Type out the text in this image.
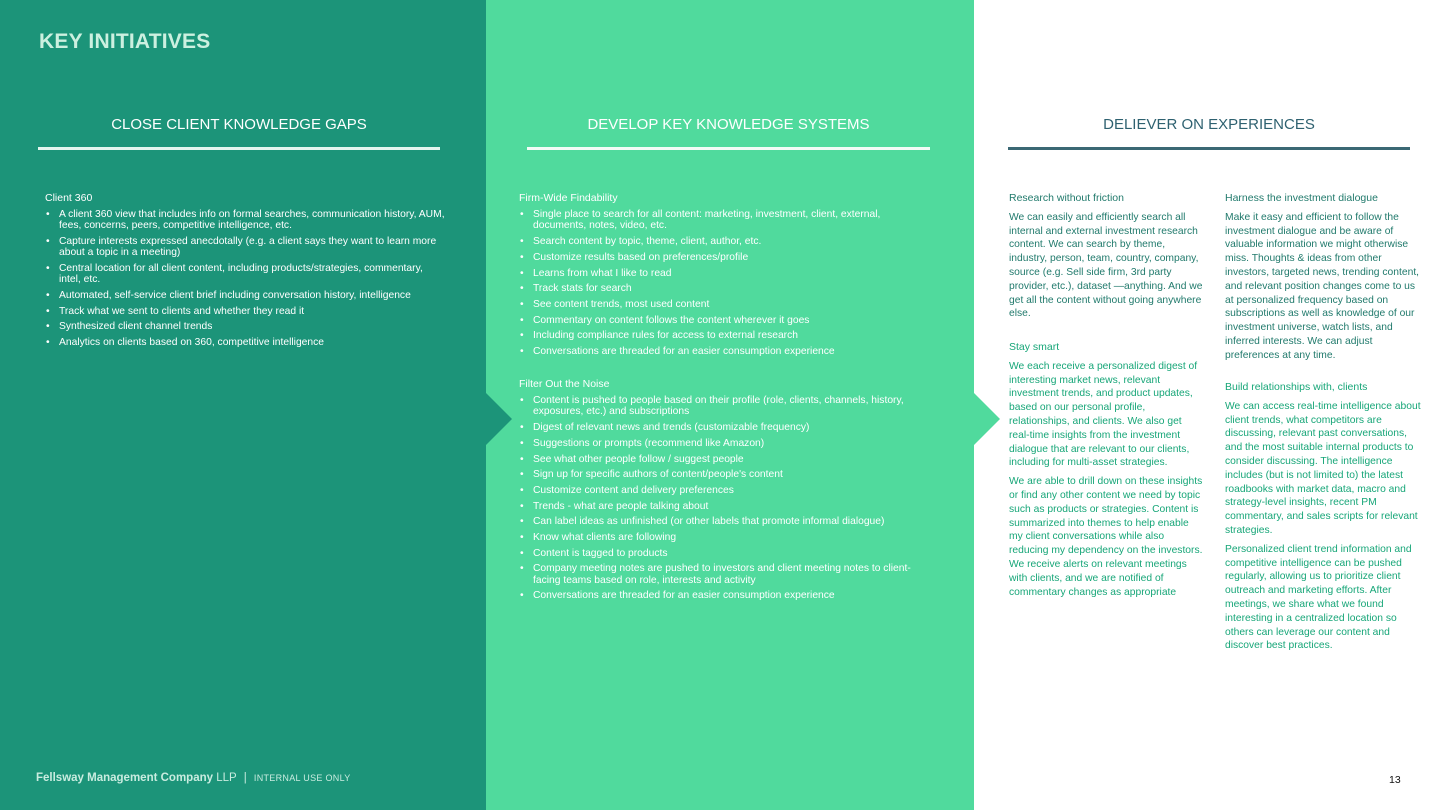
KEY INITIATIVES
CLOSE CLIENT KNOWLEDGE GAPS	DEVELOP KEY KNOWLEDGE SYSTEMS	DELIEVER ON EXPERIENCES
Client 360
• A client 360 view that includes info on formal searches, communication history, AUM, fees, concerns, peers, competitive intelligence, etc.
• Capture interests expressed anecdotally (e.g. a client says they want to learn more about a topic in a meeting)
• Central location for all client content, including products/strategies, commentary, intel, etc.
• Automated, self-service client brief including conversation history, intelligence
• Track what we sent to clients and whether they read it
• Synthesized client channel trends
• Analytics on clients based on 360, competitive intelligence
Firm-Wide Findability
• Single place to search for all content: marketing, investment, client, external, documents, notes, video, etc.
• Search content by topic, theme, client, author, etc.
• Customize results based on preferences/profile
• Learns from what I like to read
• Track stats for search
• See content trends, most used content
• Commentary on content follows the content wherever it goes
• Including compliance rules for access to external research
• Conversations are threaded for an easier consumption experience
Filter Out the Noise
• Content is pushed to people based on their profile (role, clients, channels, history, exposures, etc.) and subscriptions
• Digest of relevant news and trends (customizable frequency)
• Suggestions or prompts (recommend like Amazon)
• See what other people follow / suggest people
• Sign up for specific authors of content/people's content
• Customize content and delivery preferences
• Trends - what are people talking about
• Can label ideas as unfinished (or other labels that promote informal dialogue)
• Know what clients are following
• Content is tagged to products
• Company meeting notes are pushed to investors and client meeting notes to client-facing teams based on role, interests and activity
• Conversations are threaded for an easier consumption experience
Research without friction

We can easily and efficiently search all internal and external investment research content. We can search by theme, industry, person, team, country, company, source (e.g. Sell side firm, 3rd party provider, etc.), dataset —anything. And we get all the content without going anywhere else.

Stay smart

We each receive a personalized digest of interesting market news, relevant investment trends, and product updates, based on our personal profile, relationships, and clients. We also get real-time insights from the investment dialogue that are relevant to our clients, including for multi-asset strategies.

We are able to drill down on these insights or find any other content we need by topic such as products or strategies. Content is summarized into themes to help enable my client conversations while also reducing my dependency on the investors. We receive alerts on relevant meetings with clients, and we are notified of commentary changes as appropriate

Harness the investment dialogue

Make it easy and efficient to follow the investment dialogue and be aware of valuable information we might otherwise miss. Thoughts & ideas from other investors, targeted news, trending content, and relevant position changes come to us at personalized frequency based on subscriptions as well as knowledge of our investment universe, watch lists, and inferred interests. We can adjust preferences at any time.

Build relationships with, clients

We can access real-time intelligence about client trends, what competitors are discussing, relevant past conversations, and the most suitable internal products to consider discussing. The intelligence includes (but is not limited to) the latest roadbooks with market data, macro and strategy-level insights, recent PM commentary, and sales scripts for relevant strategies.

Personalized client trend information and competitive intelligence can be pushed regularly, allowing us to prioritize client outreach and marketing efforts. After meetings, we share what we found interesting in a centralized location so others can leverage our content and discover best practices.

Fellsway Management Company LLP | INTERNAL USE ONLY	13
